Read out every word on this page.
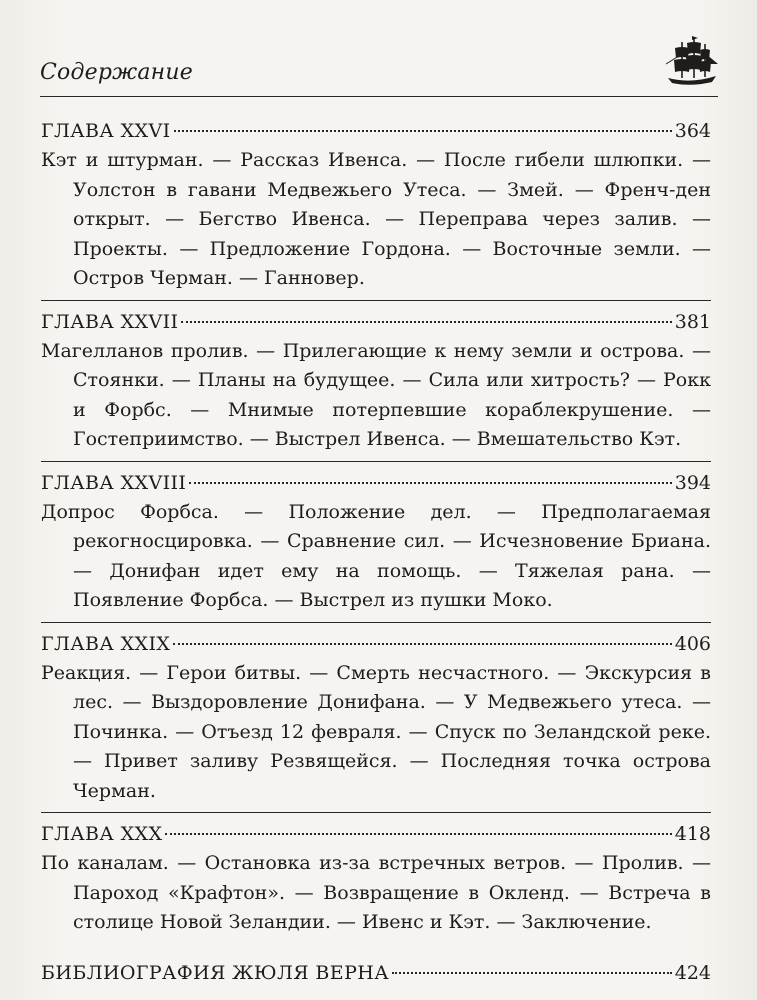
Содержание
ГЛАВА XXVI	364
Кэт и штурман. — Рассказ Ивенса. — После гибели шлюпки. — Уолстон в гавани Медвежьего Утеса. — Змей. — Френч-ден открыт. — Бегство Ивенса. — Переправа через залив. — Проекты. — Предложение Гордона. — Восточные земли. — Остров Черман. — Ганновер.
ГЛАВА XXVII	381
Магелланов пролив. — Прилегающие к нему земли и острова. — Стоянки. — Планы на будущее. — Сила или хитрость? — Рокк и Форбс. — Мнимые потерпевшие кораблекрушение. — Гостеприимство. — Выстрел Ивенса. — Вмешательство Кэт.
ГЛАВА XXVIII	394
Допрос Форбса. — Положение дел. — Предполагаемая рекогносцировка. — Сравнение сил. — Исчезновение Бриана. — Донифан идет ему на помощь. — Тяжелая рана. — Появление Форбса. — Выстрел из пушки Моко.
ГЛАВА XXIX	406
Реакция. — Герои битвы. — Смерть несчастного. — Экскурсия в лес. — Выздоровление Донифана. — У Медвежьего утеса. — Починка. — Отъезд 12 февраля. — Спуск по Зеландской реке. — Привет заливу Резвящейся. — Последняя точка острова Черман.
ГЛАВА XXX	418
По каналам. — Остановка из-за встречных ветров. — Пролив. — Пароход «Крафтон». — Возвращение в Окленд. — Встреча в столице Новой Зеландии. — Ивенс и Кэт. — Заключение.
БИБЛИОГРАФИЯ ЖЮЛЯ ВЕРНА	424
